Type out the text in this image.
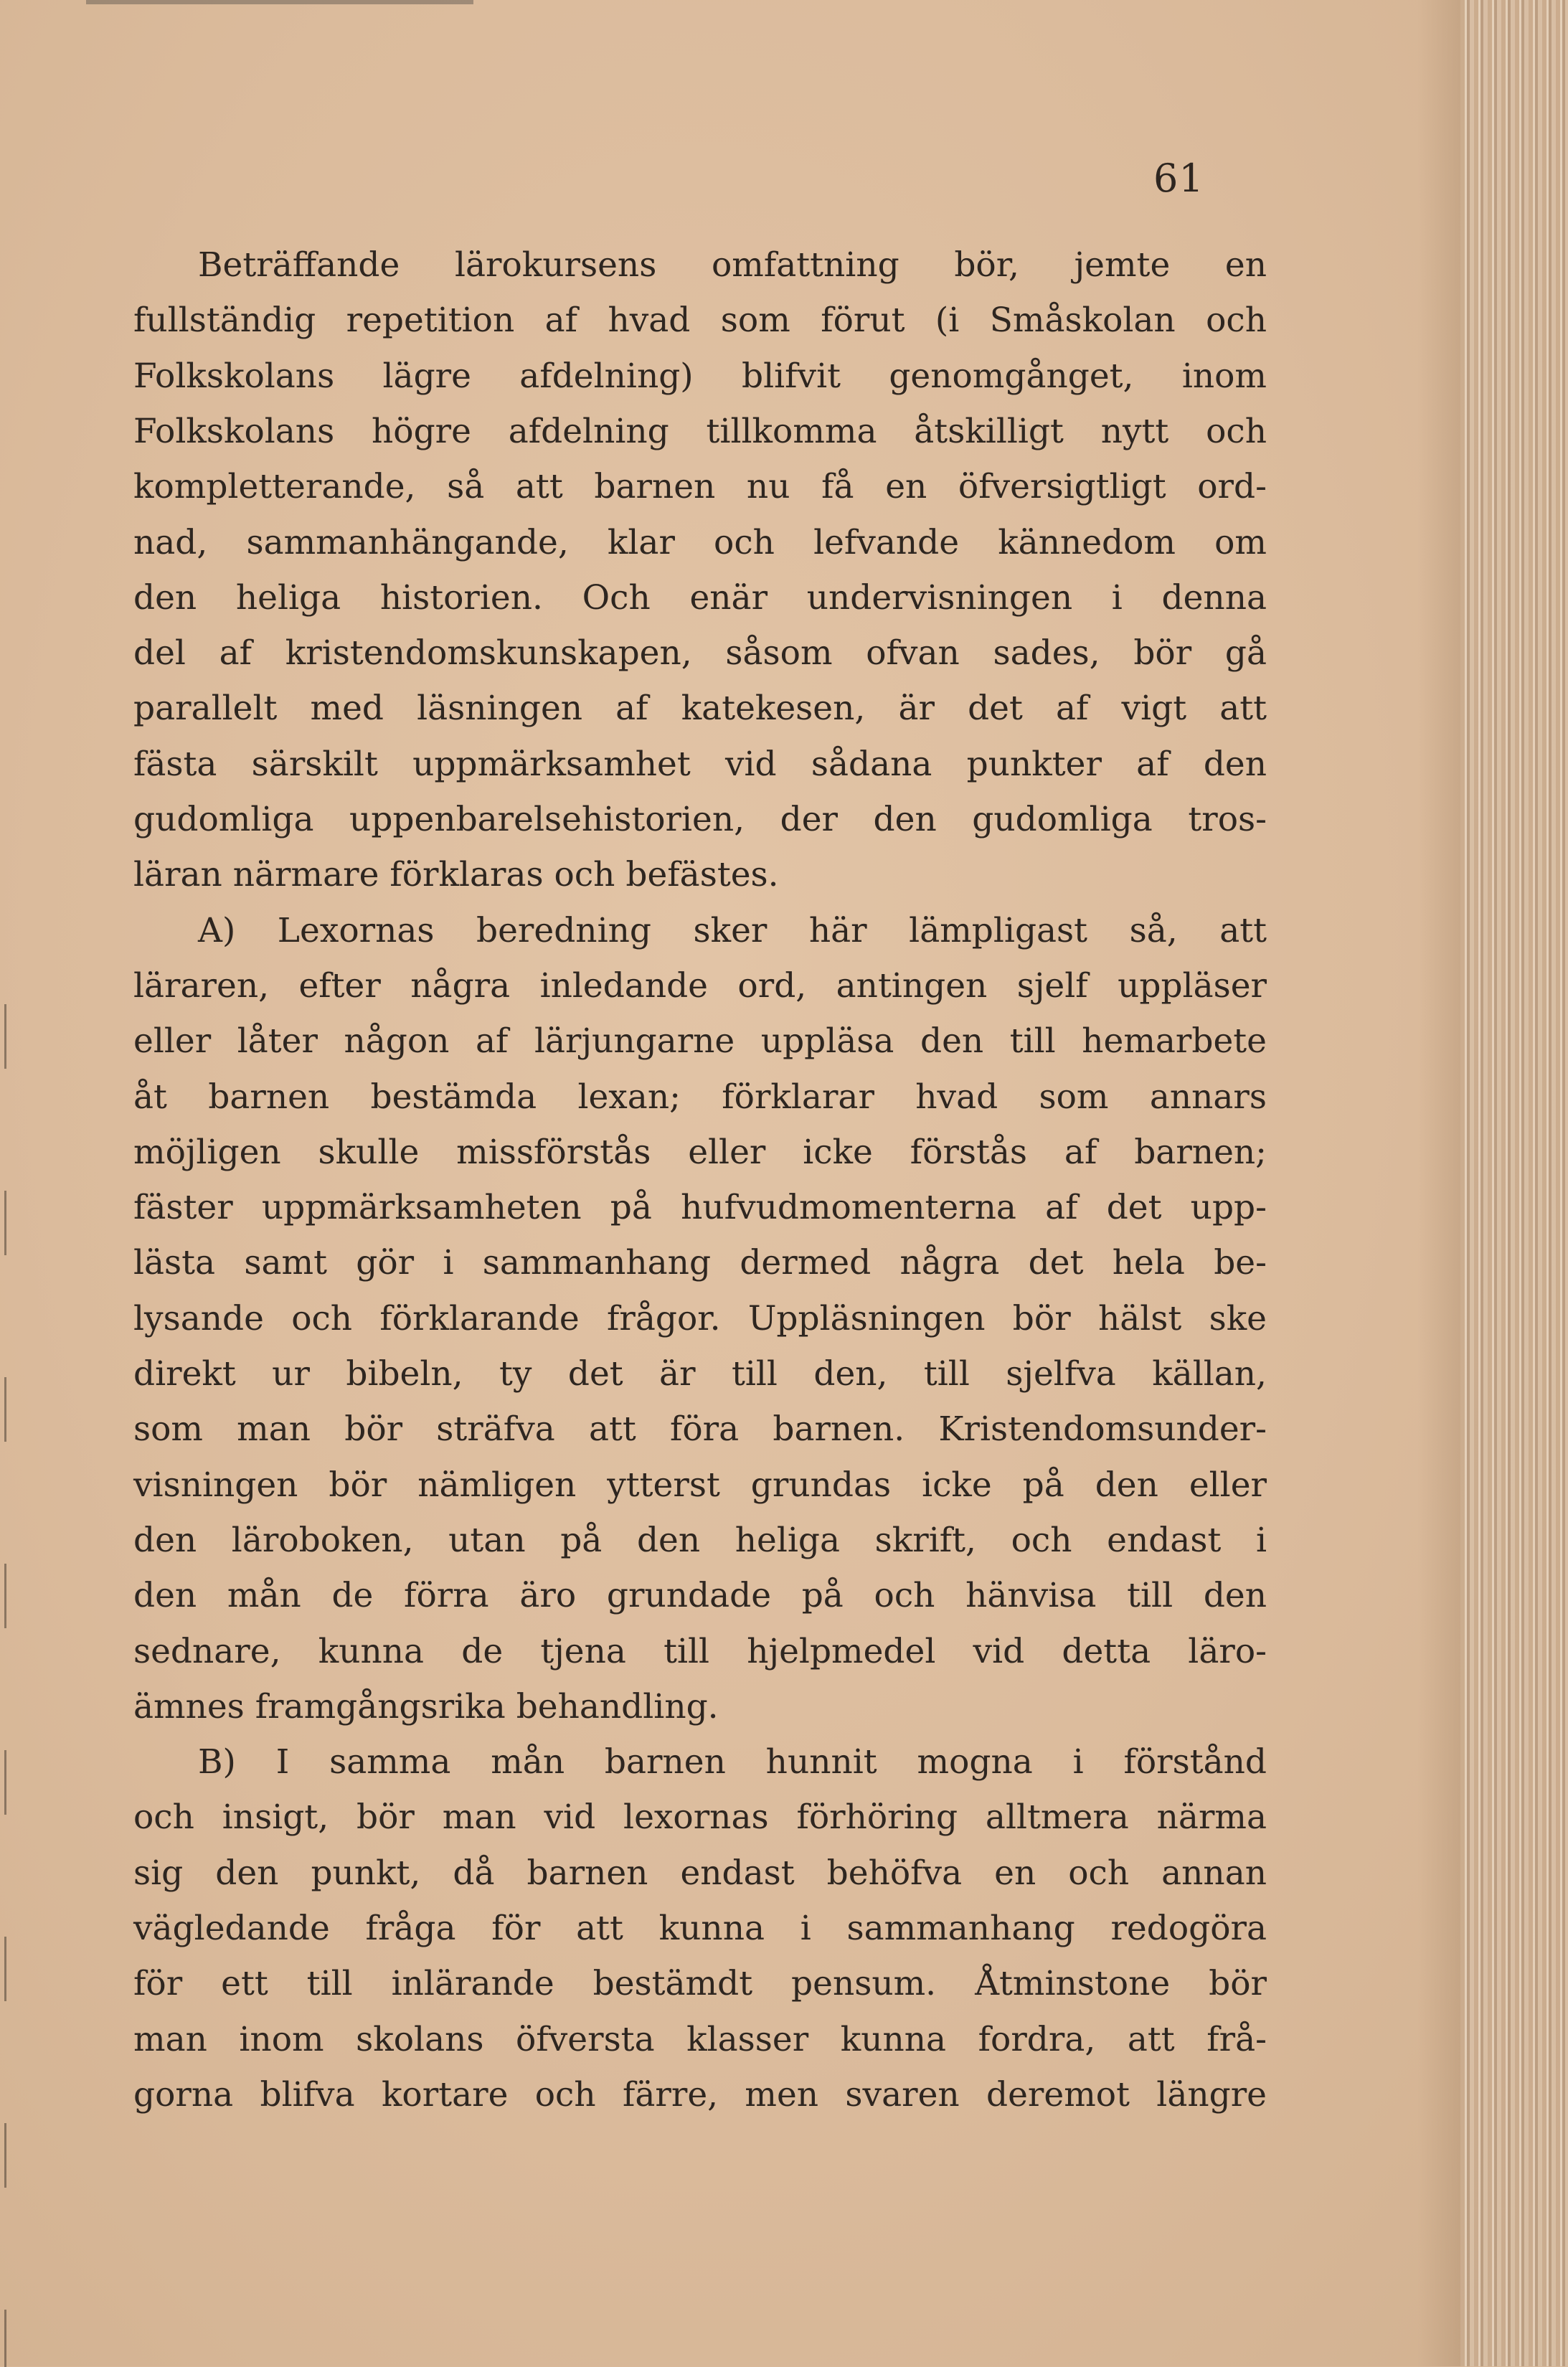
61
Beträffande lärokursens omfattning bör, jemte en
fullständig repetition af hvad som förut (i Småskolan och
Folkskolans lägre afdelning) blifvit genomgånget, inom
Folkskolans högre afdelning tillkomma åtskilligt nytt och
kompletterande, så att barnen nu få en öfversigtligt ord-
nad, sammanhängande, klar och lefvande kännedom om
den heliga historien. Och enär undervisningen i denna
del af kristendomskunskapen, såsom ofvan sades, bör gå
parallelt med läsningen af katekesen, är det af vigt att
fästa särskilt uppmärksamhet vid sådana punkter af den
gudomliga uppenbarelsehistorien, der den gudomliga tros-
läran närmare förklaras och befästes.
A) Lexornas beredning sker här lämpligast så, att
läraren, efter några inledande ord, antingen sjelf uppläser
eller låter någon af lärjungarne uppläsa den till hemarbete
åt barnen bestämda lexan; förklarar hvad som annars
möjligen skulle missförstås eller icke förstås af barnen;
fäster uppmärksamheten på hufvudmomenterna af det upp-
lästa samt gör i sammanhang dermed några det hela be-
lysande och förklarande frågor. Uppläsningen bör hälst ske
direkt ur bibeln, ty det är till den, till sjelfva källan,
som man bör sträfva att föra barnen. Kristendomsunder-
visningen bör nämligen ytterst grundas icke på den eller
den läroboken, utan på den heliga skrift, och endast i
den mån de förra äro grundade på och hänvisa till den
sednare, kunna de tjena till hjelpmedel vid detta läro-
ämnes framgångsrika behandling.
B) I samma mån barnen hunnit mogna i förstånd
och insigt, bör man vid lexornas förhöring alltmera närma
sig den punkt, då barnen endast behöfva en och annan
vägledande fråga för att kunna i sammanhang redogöra
för ett till inlärande bestämdt pensum. Åtminstone bör
man inom skolans öfversta klasser kunna fordra, att frå-
gorna blifva kortare och färre, men svaren deremot längre
